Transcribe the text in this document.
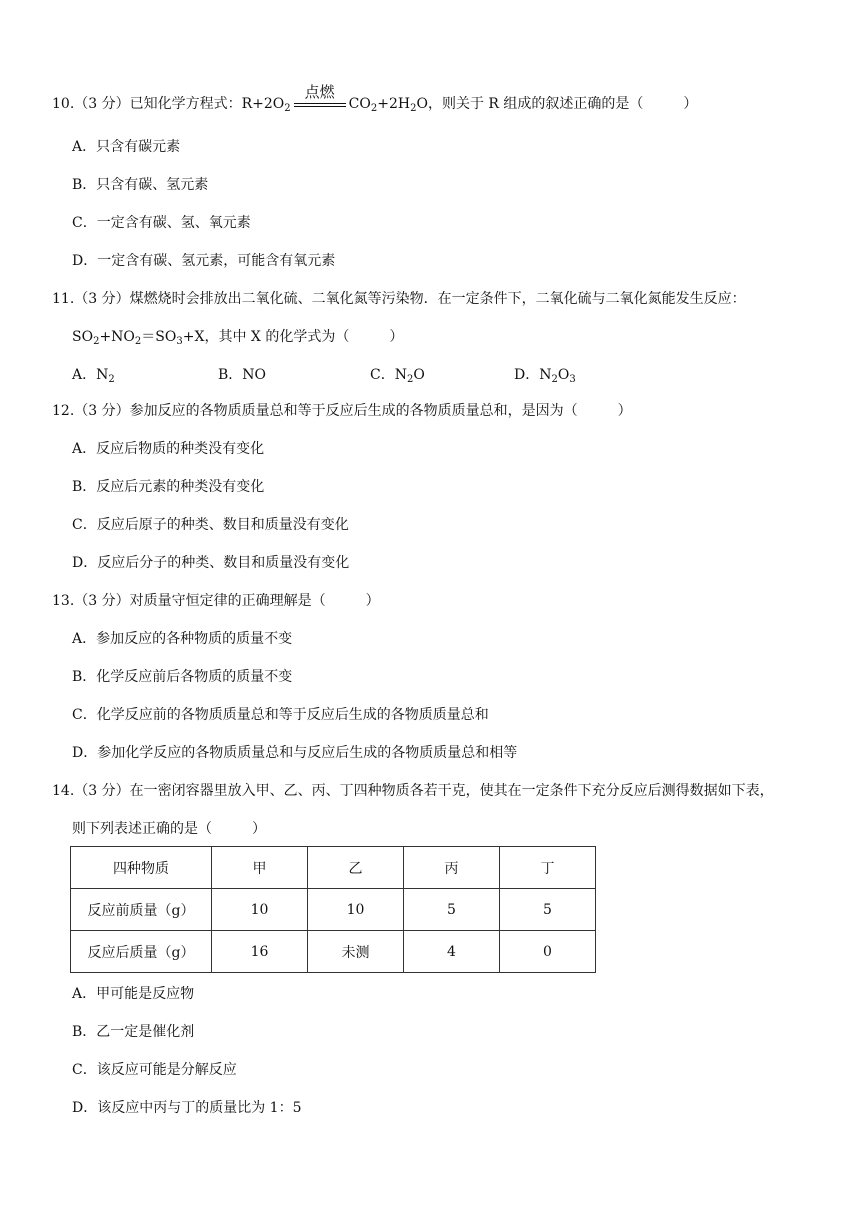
10.（3 分）已知化学方程式：$R+2O_2$
点燃
$CO_2+2H_2O$，则关于 R 组成的叙述正确的是（	）
A．只含有碳元素
B．只含有碳、氢元素
C．一定含有碳、氢、氧元素
D．一定含有碳、氢元素，可能含有氧元素
11.（3 分）煤燃烧时会排放出二氧化硫、二氧化氮等污染物．在一定条件下，二氧化硫与二氧化氮能发生反应：
$SO_2+NO_2=SO_3+X$，其中 X 的化学式为（	）
A．$N_2$	B．NO	C．$N_2O$	D．$N_2O_3$
12.（3 分）参加反应的各物质质量总和等于反应后生成的各物质质量总和，是因为（	）
A．反应后物质的种类没有变化
B．反应后元素的种类没有变化
C．反应后原子的种类、数目和质量没有变化
D．反应后分子的种类、数目和质量没有变化
13.（3 分）对质量守恒定律的正确理解是（	）
A．参加反应的各种物质的质量不变
B．化学反应前后各物质的质量不变
C．化学反应前的各物质质量总和等于反应后生成的各物质质量总和
D．参加化学反应的各物质质量总和与反应后生成的各物质质量总和相等
14.（3 分）在一密闭容器里放入甲、乙、丙、丁四种物质各若干克，使其在一定条件下充分反应后测得数据如下表，
则下列表述正确的是（	）
四种物质	甲	乙	丙	丁
反应前质量（g）	10	10	5	5
反应后质量（g）	16	未测	4	0
A．甲可能是反应物
B．乙一定是催化剂
C．该反应可能是分解反应
D．该反应中丙与丁的质量比为 1：5
